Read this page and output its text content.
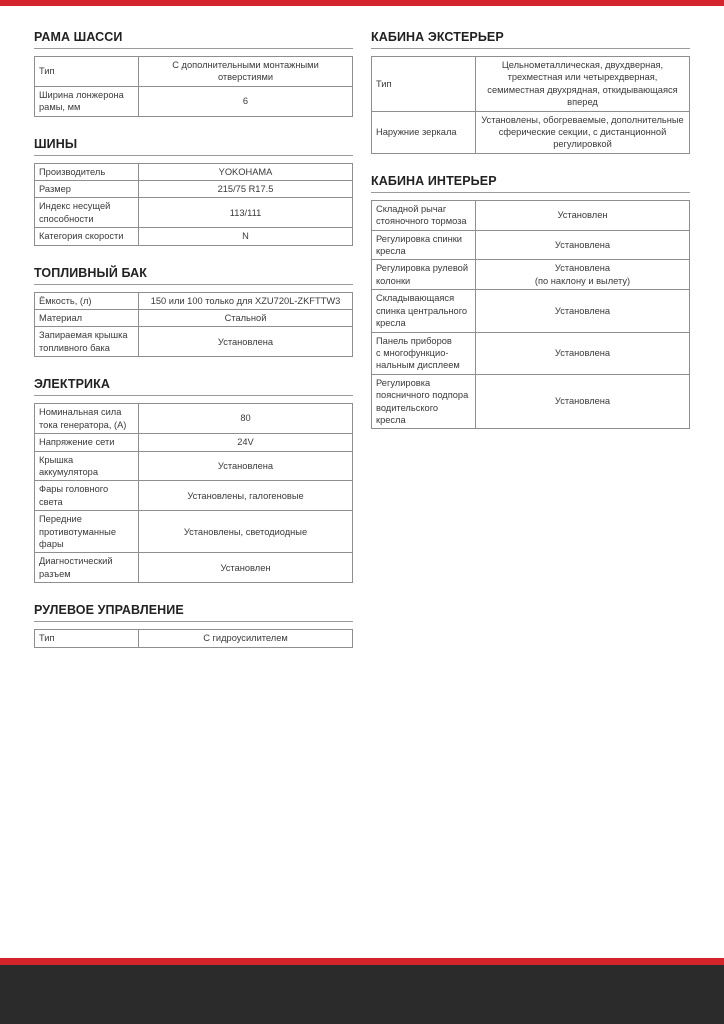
РАМА ШАССИ
Тип	С дополнительными монтажными
отверстиями
Ширина лонжерона
рамы, мм	6
ШИНЫ
Производитель	YOKOHAMA
Размер	215/75 R17.5
Индекс несущей
способности	113/111
Категория скорости	N
ТОПЛИВНЫЙ БАК
Ёмкость, (л)	150 или 100 только для XZU720L-ZKFTTW3
Материал	Стальной
Запираемая крышка
топливного бака	Установлена
ЭЛЕКТРИКА
Номинальная сила
тока генератора, (А)	80
Напряжение сети	24V
Крышка
аккумулятора	Установлена
Фары головного
света	Установлены, галогеновые
Передние
противотуманные
фары	Установлены, светодиодные
Диагностический
разъем	Установлен
РУЛЕВОЕ УПРАВЛЕНИЕ
Тип	С гидроусилителем
КАБИНА ЭКСТЕРЬЕР
Тип	Цельнометаллическая, двухдверная,
трехместная или четырехдверная,
семиместная двухрядная, откидывающаяся
вперед
Наружние зеркала	Установлены, обогреваемые, дополнительные
сферические секции, с дистанционной
регулировкой
КАБИНА ИНТЕРЬЕР
Складной рычаг
стояночного тормоза	Установлен
Регулировка спинки
кресла	Установлена
Регулировка рулевой
колонки	Установлена
(по наклону и вылету)
Складывающаяся
спинка центрального
кресла	Установлена
Панель приборов
с многофункцио-
нальным дисплеем	Установлена
Регулировка
поясничного подпора
водительского
кресла	Установлена
